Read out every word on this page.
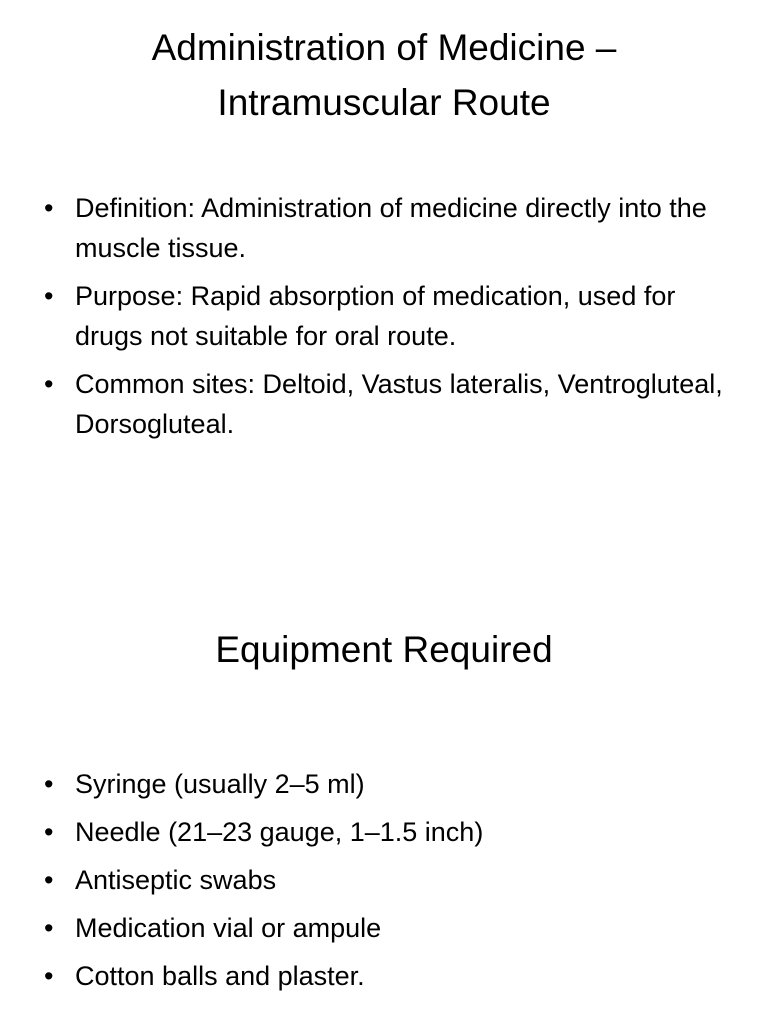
Administration of Medicine – Intramuscular Route
• Definition: Administration of medicine directly into the muscle tissue.
• Purpose: Rapid absorption of medication, used for drugs not suitable for oral route.
• Common sites: Deltoid, Vastus lateralis, Ventrogluteal, Dorsogluteal.
Equipment Required
• Syringe (usually 2–5 ml)
• Needle (21–23 gauge, 1–1.5 inch)
• Antiseptic swabs
• Medication vial or ampule
• Cotton balls and plaster.
